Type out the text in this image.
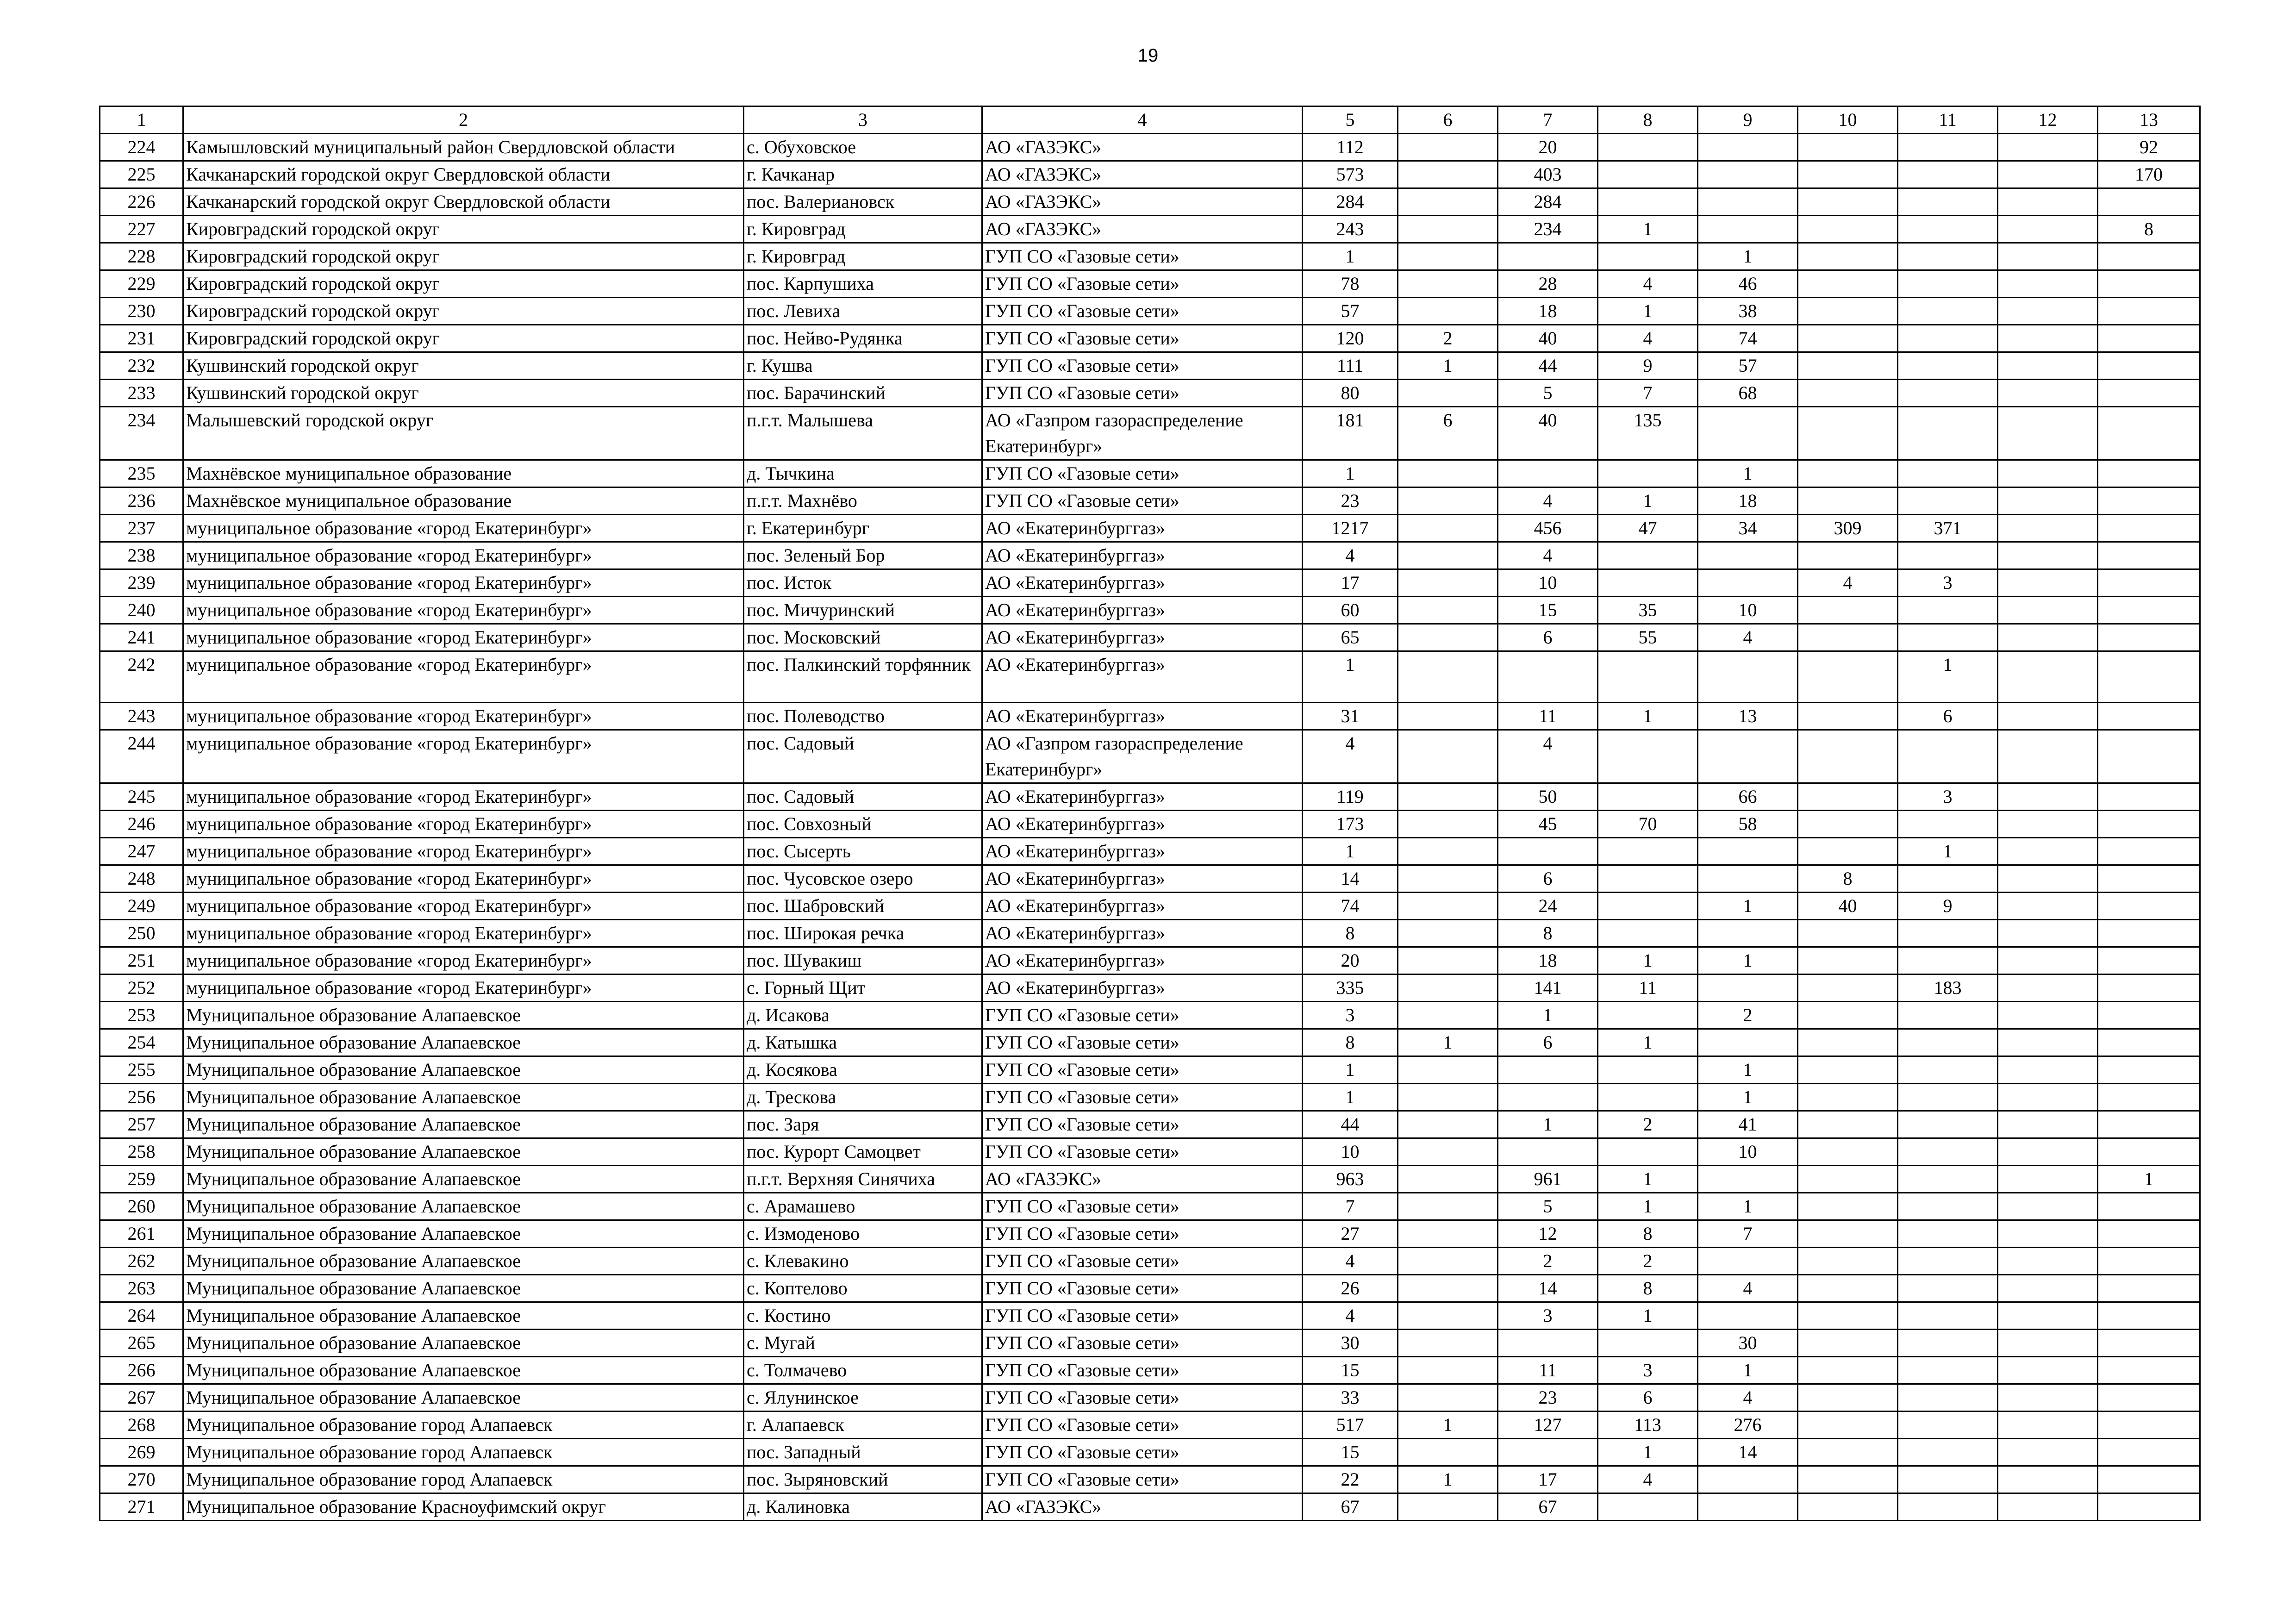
19
1	2	3	4	5	6	7	8	9	10	11	12	13
224	Камышловский муниципальный район Свердловской области	с. Обуховское	АО «ГАЗЭКС»	112		20						92
225	Качканарский городской округ Свердловской области	г. Качканар	АО «ГАЗЭКС»	573		403						170
226	Качканарский городской округ Свердловской области	пос. Валериановск	АО «ГАЗЭКС»	284		284						
227	Кировградский городской округ	г. Кировград	АО «ГАЗЭКС»	243		234	1					8
228	Кировградский городской округ	г. Кировград	ГУП СО «Газовые сети»	1				1				
229	Кировградский городской округ	пос. Карпушиха	ГУП СО «Газовые сети»	78		28	4	46				
230	Кировградский городской округ	пос. Левиха	ГУП СО «Газовые сети»	57		18	1	38				
231	Кировградский городской округ	пос. Нейво-Рудянка	ГУП СО «Газовые сети»	120	2	40	4	74				
232	Кушвинский городской округ	г. Кушва	ГУП СО «Газовые сети»	111	1	44	9	57				
233	Кушвинский городской округ	пос. Барачинский	ГУП СО «Газовые сети»	80		5	7	68				
234	Малышевский городской округ	п.г.т. Малышева	АО «Газпром газораспределение Екатеринбург»	181	6	40	135					
235	Махнёвское муниципальное образование	д. Тычкина	ГУП СО «Газовые сети»	1				1				
236	Махнёвское муниципальное образование	п.г.т. Махнёво	ГУП СО «Газовые сети»	23		4	1	18				
237	муниципальное образование «город Екатеринбург»	г. Екатеринбург	АО «Екатеринбурггаз»	1217		456	47	34	309	371		
238	муниципальное образование «город Екатеринбург»	пос. Зеленый Бор	АО «Екатеринбурггаз»	4		4						
239	муниципальное образование «город Екатеринбург»	пос. Исток	АО «Екатеринбурггаз»	17		10			4	3		
240	муниципальное образование «город Екатеринбург»	пос. Мичуринский	АО «Екатеринбурггаз»	60		15	35	10				
241	муниципальное образование «город Екатеринбург»	пос. Московский	АО «Екатеринбурггаз»	65		6	55	4				
242	муниципальное образование «город Екатеринбург»	пос. Палкинский торфянник	АО «Екатеринбурггаз»	1						1		
243	муниципальное образование «город Екатеринбург»	пос. Полеводство	АО «Екатеринбурггаз»	31		11	1	13		6		
244	муниципальное образование «город Екатеринбург»	пос. Садовый	АО «Газпром газораспределение Екатеринбург»	4		4						
245	муниципальное образование «город Екатеринбург»	пос. Садовый	АО «Екатеринбурггаз»	119		50		66		3		
246	муниципальное образование «город Екатеринбург»	пос. Совхозный	АО «Екатеринбурггаз»	173		45	70	58				
247	муниципальное образование «город Екатеринбург»	пос. Сысерть	АО «Екатеринбурггаз»	1						1		
248	муниципальное образование «город Екатеринбург»	пос. Чусовское озеро	АО «Екатеринбурггаз»	14		6			8			
249	муниципальное образование «город Екатеринбург»	пос. Шабровский	АО «Екатеринбурггаз»	74		24		1	40	9		
250	муниципальное образование «город Екатеринбург»	пос. Широкая речка	АО «Екатеринбурггаз»	8		8						
251	муниципальное образование «город Екатеринбург»	пос. Шувакиш	АО «Екатеринбурггаз»	20		18	1	1				
252	муниципальное образование «город Екатеринбург»	с. Горный Щит	АО «Екатеринбурггаз»	335		141	11			183		
253	Муниципальное образование Алапаевское	д. Исакова	ГУП СО «Газовые сети»	3		1		2				
254	Муниципальное образование Алапаевское	д. Катышка	ГУП СО «Газовые сети»	8	1	6	1					
255	Муниципальное образование Алапаевское	д. Косякова	ГУП СО «Газовые сети»	1				1				
256	Муниципальное образование Алапаевское	д. Трескова	ГУП СО «Газовые сети»	1				1				
257	Муниципальное образование Алапаевское	пос. Заря	ГУП СО «Газовые сети»	44		1	2	41				
258	Муниципальное образование Алапаевское	пос. Курорт Самоцвет	ГУП СО «Газовые сети»	10				10				
259	Муниципальное образование Алапаевское	п.г.т. Верхняя Синячиха	АО «ГАЗЭКС»	963		961	1					1
260	Муниципальное образование Алапаевское	с. Арамашево	ГУП СО «Газовые сети»	7		5	1	1				
261	Муниципальное образование Алапаевское	с. Измоденово	ГУП СО «Газовые сети»	27		12	8	7				
262	Муниципальное образование Алапаевское	с. Клевакино	ГУП СО «Газовые сети»	4		2	2					
263	Муниципальное образование Алапаевское	с. Коптелово	ГУП СО «Газовые сети»	26		14	8	4				
264	Муниципальное образование Алапаевское	с. Костино	ГУП СО «Газовые сети»	4		3	1					
265	Муниципальное образование Алапаевское	с. Мугай	ГУП СО «Газовые сети»	30				30				
266	Муниципальное образование Алапаевское	с. Толмачево	ГУП СО «Газовые сети»	15		11	3	1				
267	Муниципальное образование Алапаевское	с. Ялунинское	ГУП СО «Газовые сети»	33		23	6	4				
268	Муниципальное образование город Алапаевск	г. Алапаевск	ГУП СО «Газовые сети»	517	1	127	113	276				
269	Муниципальное образование город Алапаевск	пос. Западный	ГУП СО «Газовые сети»	15			1	14				
270	Муниципальное образование город Алапаевск	пос. Зыряновский	ГУП СО «Газовые сети»	22	1	17	4					
271	Муниципальное образование Красноуфимский округ	д. Калиновка	АО «ГАЗЭКС»	67		67						
